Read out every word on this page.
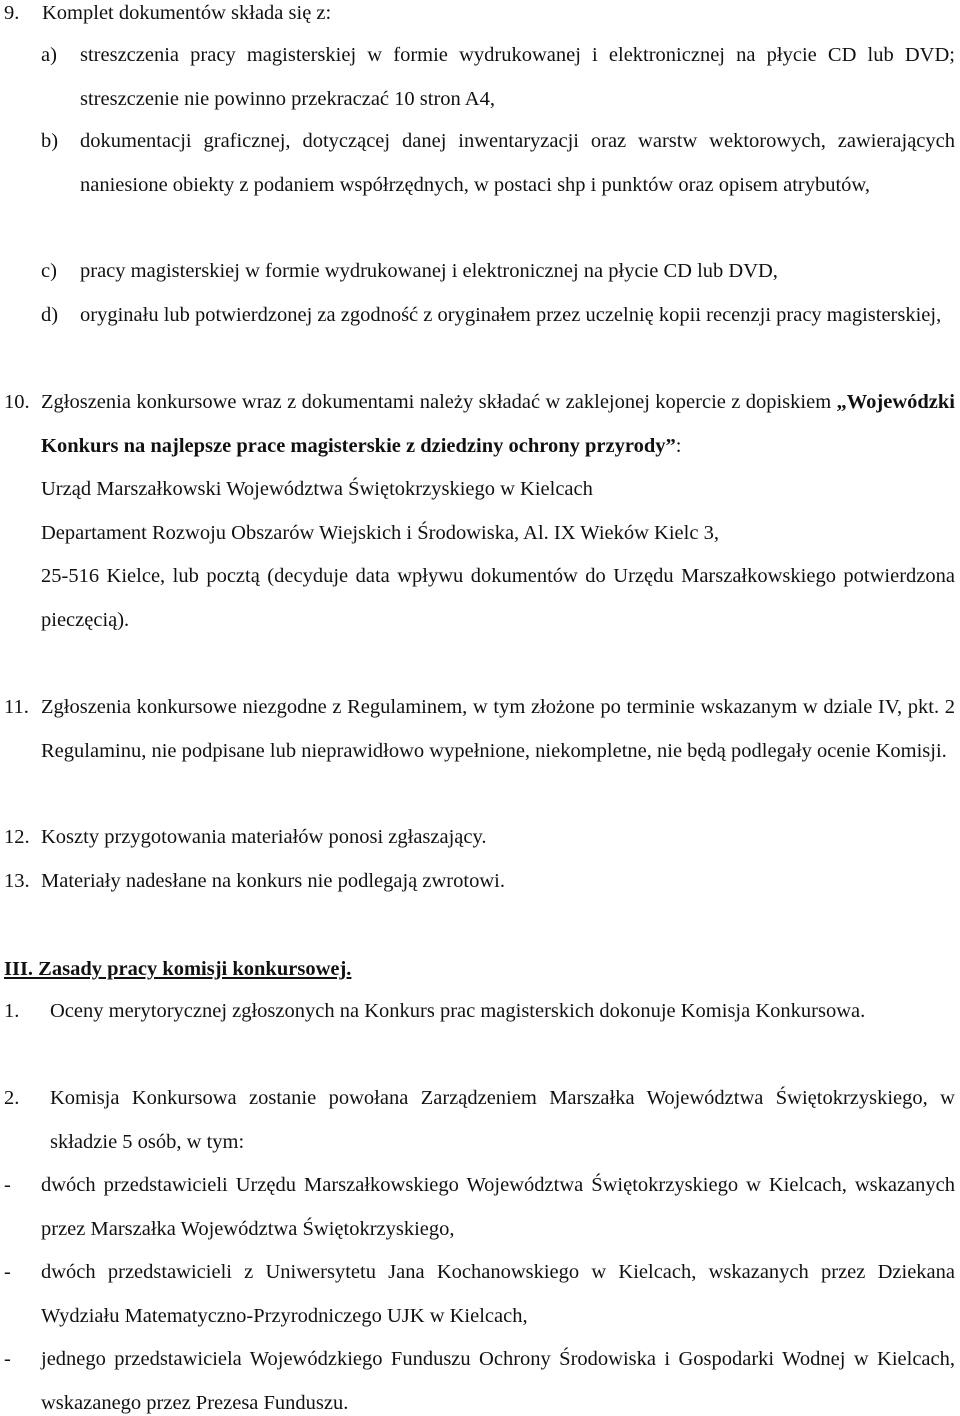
9.	Komplet dokumentów składa się z:
a)	streszczenia pracy magisterskiej w formie wydrukowanej i elektronicznej na płycie CD lub DVD; streszczenie nie powinno przekraczać 10 stron A4,
b)	dokumentacji graficznej, dotyczącej danej inwentaryzacji oraz warstw wektorowych, zawierających naniesione obiekty z podaniem współrzędnych, w postaci shp i punktów oraz opisem atrybutów,
c)	pracy magisterskiej w formie wydrukowanej i elektronicznej na płycie CD lub DVD,
d)	oryginału lub potwierdzonej za zgodność z oryginałem przez uczelnię kopii recenzji pracy magisterskiej,
10. Zgłoszenia konkursowe wraz z dokumentami należy składać w zaklejonej kopercie z dopiskiem „Wojewódzki Konkurs na najlepsze prace magisterskie z dziedziny ochrony przyrody”:
Urząd Marszałkowski Województwa Świętokrzyskiego w Kielcach
Departament Rozwoju Obszarów Wiejskich i Środowiska, Al. IX Wieków Kielc 3,
25-516 Kielce, lub pocztą (decyduje data wpływu dokumentów do Urzędu Marszałkowskiego potwierdzona pieczęcią).
11. Zgłoszenia konkursowe niezgodne z Regulaminem, w tym złożone po terminie wskazanym w dziale IV, pkt. 2 Regulaminu, nie podpisane lub nieprawidłowo wypełnione, niekompletne, nie będą podlegały ocenie Komisji.
12. Koszty przygotowania materiałów ponosi zgłaszający.
13. Materiały nadesłane na konkurs nie podlegają zwrotowi.
III. Zasady pracy komisji konkursowej.
1.	Oceny merytorycznej zgłoszonych na Konkurs prac magisterskich dokonuje Komisja Konkursowa.
2.	Komisja Konkursowa zostanie powołana Zarządzeniem Marszałka Województwa Świętokrzyskiego, w składzie 5 osób, w tym:
-	dwóch przedstawicieli Urzędu Marszałkowskiego Województwa Świętokrzyskiego w Kielcach, wskazanych przez Marszałka Województwa Świętokrzyskiego,
-	dwóch przedstawicieli z Uniwersytetu Jana Kochanowskiego w Kielcach, wskazanych przez Dziekana Wydziału Matematyczno-Przyrodniczego UJK w Kielcach,
-	jednego przedstawiciela Wojewódzkiego Funduszu Ochrony Środowiska i Gospodarki Wodnej w Kielcach, wskazanego przez Prezesa Funduszu.
